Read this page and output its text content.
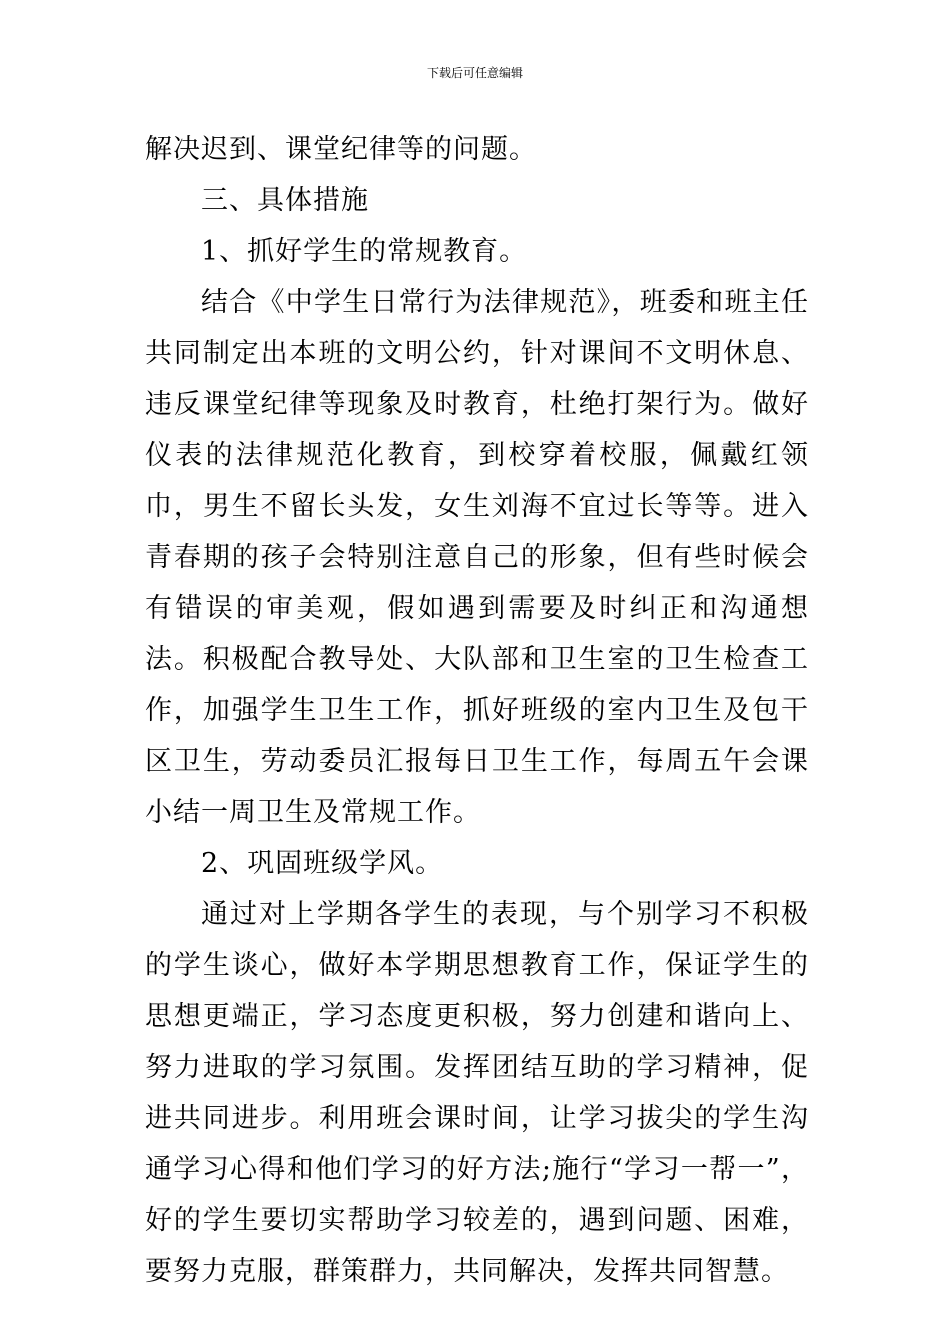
下载后可任意编辑

解决迟到、课堂纪律等的问题。

三、具体措施

1、抓好学生的常规教育。

结合《中学生日常行为法律规范》，班委和班主任共同制定出本班的文明公约，针对课间不文明休息、违反课堂纪律等现象及时教育，杜绝打架行为。做好仪表的法律规范化教育，到校穿着校服，佩戴红领巾，男生不留长头发，女生刘海不宜过长等等。进入青春期的孩子会特别注意自己的形象，但有些时候会有错误的审美观，假如遇到需要及时纠正和沟通想法。积极配合教导处、大队部和卫生室的卫生检查工作，加强学生卫生工作，抓好班级的室内卫生及包干区卫生，劳动委员汇报每日卫生工作，每周五午会课小结一周卫生及常规工作。

2、巩固班级学风。

通过对上学期各学生的表现，与个别学习不积极的学生谈心，做好本学期思想教育工作，保证学生的思想更端正，学习态度更积极，努力创建和谐向上、努力进取的学习氛围。发挥团结互助的学习精神，促进共同进步。利用班会课时间，让学习拔尖的学生沟通学习心得和他们学习的好方法;施行“学习一帮一”，好的学生要切实帮助学习较差的，遇到问题、困难，要努力克服，群策群力，共同解决，发挥共同智慧。
